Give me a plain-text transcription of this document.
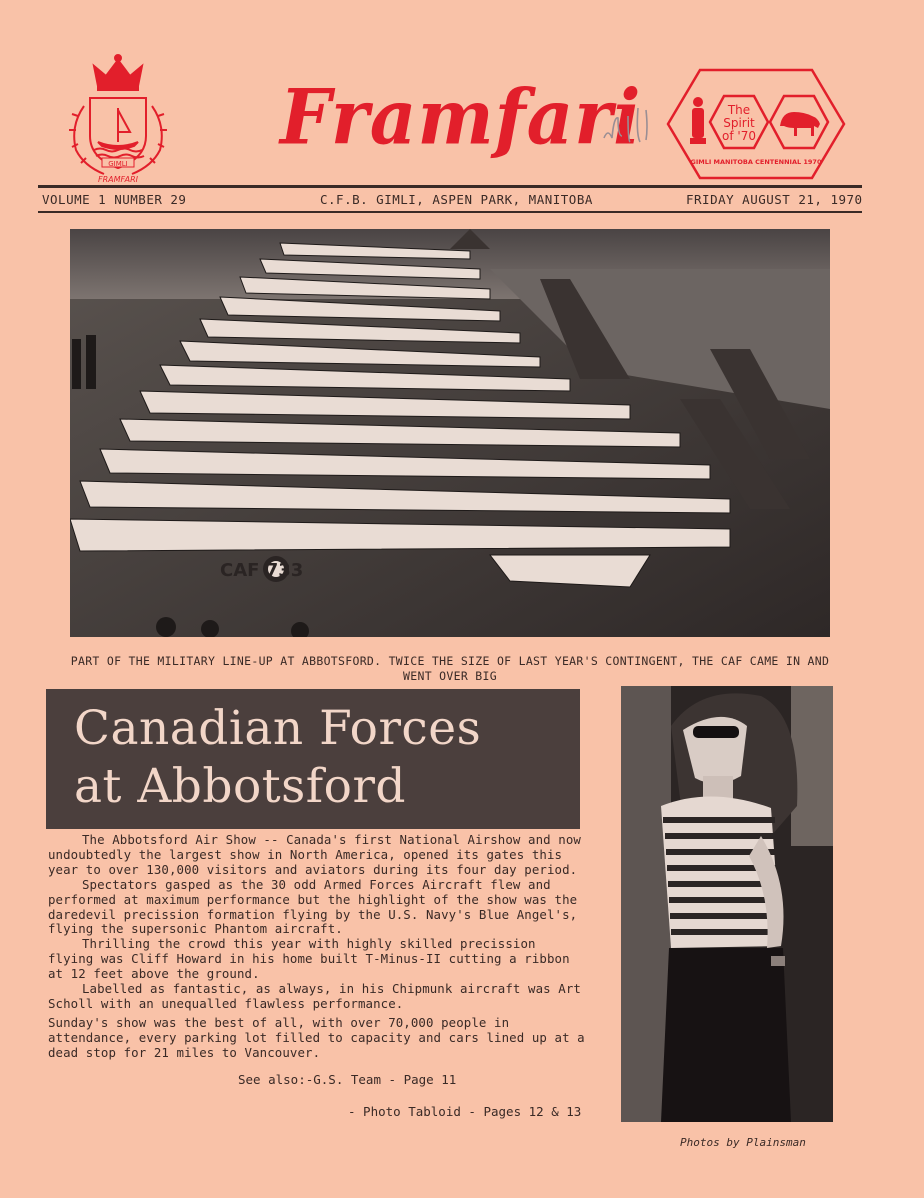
GIMLI
FRAMFARI
Framfari	The
Spirit
of '70
GIMLI MANITOBA CENTENNIAL 1970
VOLUME 1 NUMBER 29	C.F.B. GIMLI, ASPEN PARK, MANITOBA	FRIDAY AUGUST 21, 1970
CAF 733
PART OF THE MILITARY LINE-UP AT ABBOTSFORD. TWICE THE SIZE OF LAST YEAR'S CONTINGENT, THE CAF CAME IN AND WENT OVER BIG
Canadian Forces
at Abbotsford

The Abbotsford Air Show -- Canada's first National Airshow and now undoubtedly the largest show in North America, opened its gates this year to over 130,000 visitors and aviators during its four day period.

Spectators gasped as the 30 odd Armed Forces Aircraft flew and performed at maximum performance but the highlight of the show was the daredevil precission formation flying by the U.S. Navy's Blue Angel's, flying the supersonic Phantom aircraft.

Thrilling the crowd this year with highly skilled precission flying was Cliff Howard in his home built T-Minus-II cutting a ribbon at 12 feet above the ground.

Labelled as fantastic, as always, in his Chipmunk aircraft was Art Scholl with an unequalled flawless performance.

Sunday's show was the best of all, with over 70,000 people in attendance, every parking lot filled to capacity and cars lined up at a dead stop for 21 miles to Vancouver.

See also:-G.S. Team - Page 11
- Photo Tabloid - Pages 12 & 13
Photos by Plainsman
